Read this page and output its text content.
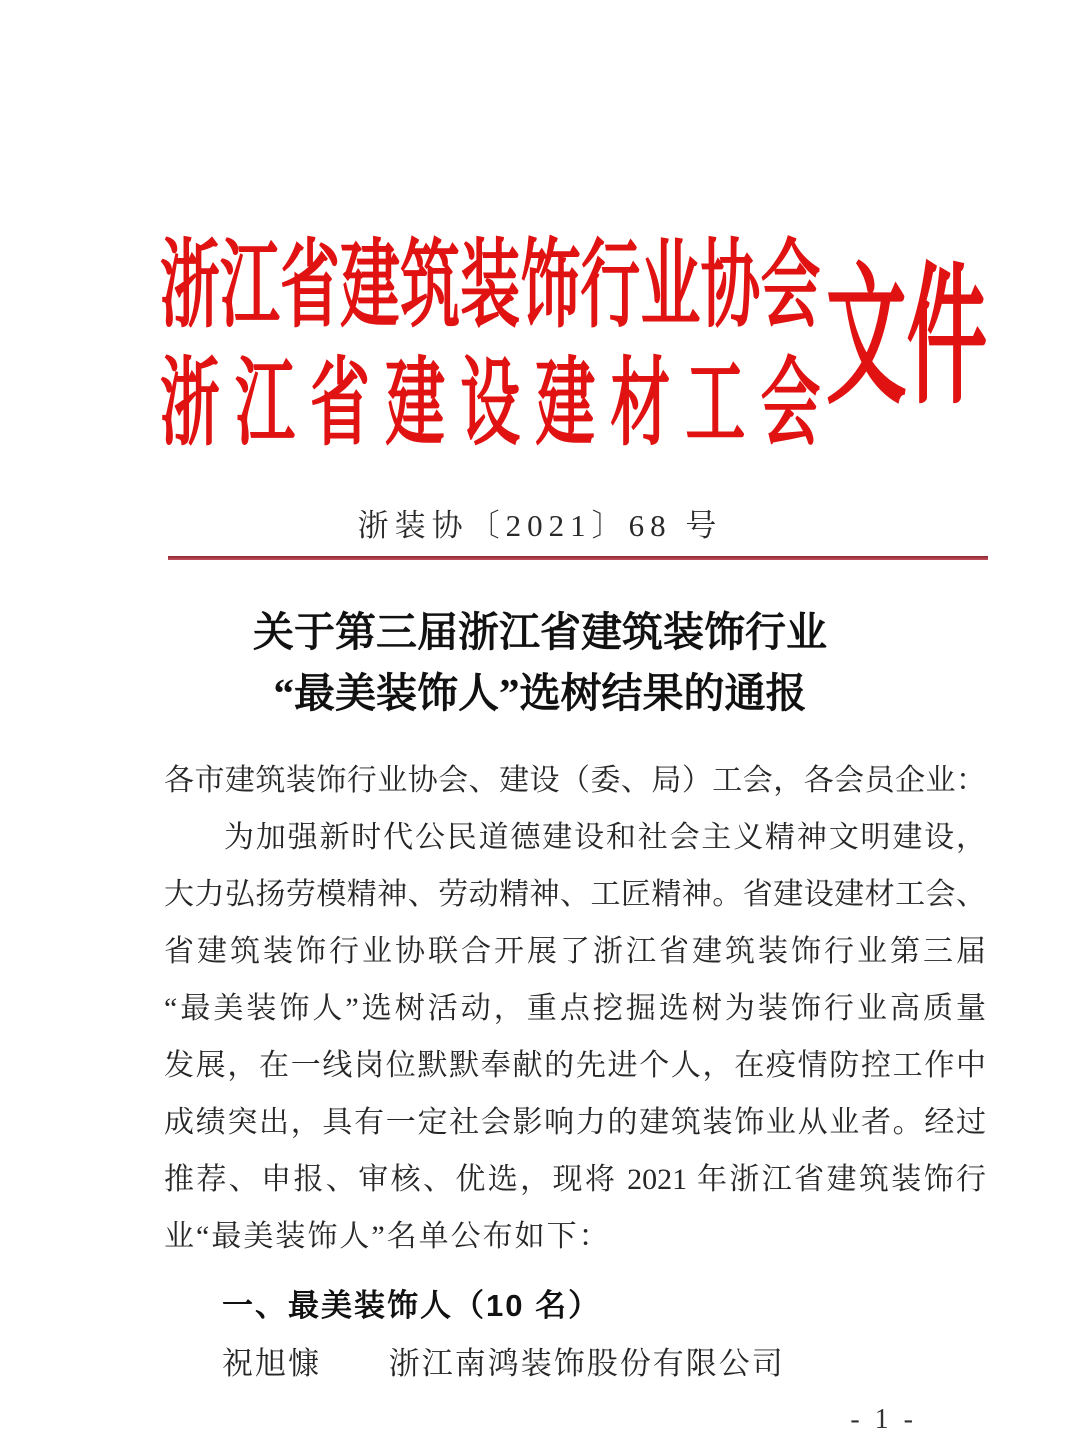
浙江省建筑装饰行业协会
浙江省建设建材工会 文件
浙装协〔2021〕68 号
关于第三届浙江省建筑装饰行业
“最美装饰人”选树结果的通报
各市建筑装饰行业协会、建设（委、局）工会，各会员企业：
为加强新时代公民道德建设和社会主义精神文明建设，
大力弘扬劳模精神、劳动精神、工匠精神。省建设建材工会、
省建筑装饰行业协联合开展了浙江省建筑装饰行业第三届
“最美装饰人”选树活动，重点挖掘选树为装饰行业高质量
发展，在一线岗位默默奉献的先进个人，在疫情防控工作中
成绩突出，具有一定社会影响力的建筑装饰业从业者。经过
推荐、申报、审核、优选，现将 2021 年浙江省建筑装饰行
业“最美装饰人”名单公布如下：
一、最美装饰人（10 名）
祝旭慷 浙江南鸿装饰股份有限公司
- 1 -
